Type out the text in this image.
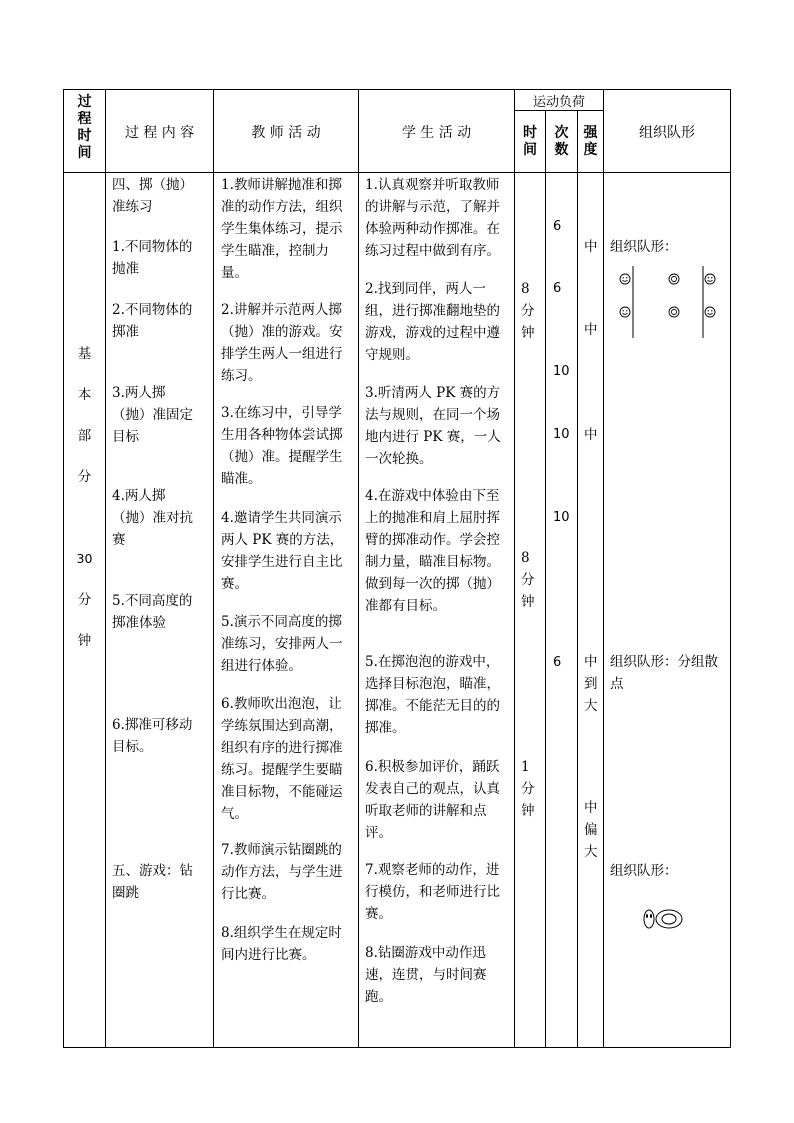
过
程
时
间
过 程 内 容	教 师 活 动	学 生 活 动
运动负荷
时
间
次
数
强
度
组织队形
基
本
部
分
30
分
钟
四、掷（抛）
准练习
1.不同物体的
抛准
2.不同物体的
掷准
3.两人掷
（抛）准固定
目标
4.两人掷
（抛）准对抗
赛
5.不同高度的
掷准体验
6.掷准可移动
目标。
五、游戏：钻
圈跳
1.教师讲解抛准和掷
准的动作方法，组织
学生集体练习，提示
学生瞄准，控制力
量。
2.讲解并示范两人掷
（抛）准的游戏。安
排学生两人一组进行
练习。
3.在练习中，引导学
生用各种物体尝试掷
（抛）准。提醒学生
瞄准。
4.邀请学生共同演示
两人 PK 赛的方法，
安排学生进行自主比
赛。
5.演示不同高度的掷
准练习，安排两人一
组进行体验。
6.教师吹出泡泡，让
学练氛围达到高潮，
组织有序的进行掷准
练习。提醒学生要瞄
准目标物，不能碰运
气。
7.教师演示钻圈跳的
动作方法，与学生进
行比赛。
8.组织学生在规定时
间内进行比赛。
1.认真观察并听取教师
的讲解与示范，了解并
体验两种动作掷准。在
练习过程中做到有序。
2.找到同伴，两人一
组，进行掷准翻地垫的
游戏，游戏的过程中遵
守规则。
3.听清两人 PK 赛的方
法与规则，在同一个场
地内进行 PK 赛，一人
一次轮换。
4.在游戏中体验由下至
上的抛准和肩上屈肘挥
臂的掷准动作。学会控
制力量，瞄准目标物。
做到每一次的掷（抛）
准都有目标。
5.在掷泡泡的游戏中，
选择目标泡泡，瞄准，
掷准。不能茫无目的的
掷准。
6.积极参加评价，踊跃
发表自己的观点，认真
听取老师的讲解和点
评。
7.观察老师的动作，进
行模仿，和老师进行比
赛。
8.钻圈游戏中动作迅
速，连贯，与时间赛
跑。
8
分
钟
8
分
钟
1
分
钟
6
6
10
10
10
6
中
中
中
中
到
大
中
偏
大
组织队形：
组织队形：分组散
点
组织队形：
